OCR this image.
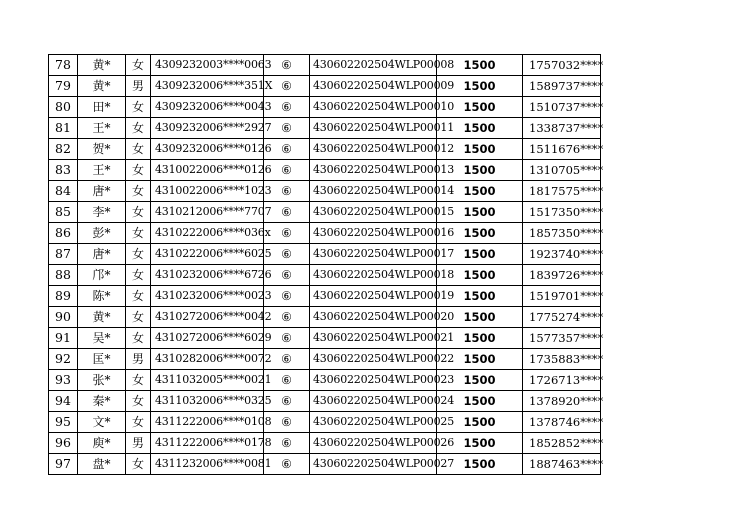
78	黄*	女	4309232003****0063	⑥	430602202504WLP00008	1500	1757032****
79	黄*	男	4309232006****351X	⑥	430602202504WLP00009	1500	1589737****
80	田*	女	4309232006****0043	⑥	430602202504WLP00010	1500	1510737****
81	王*	女	4309232006****2927	⑥	430602202504WLP00011	1500	1338737****
82	贺*	女	4309232006****0126	⑥	430602202504WLP00012	1500	1511676****
83	王*	女	4310022006****0126	⑥	430602202504WLP00013	1500	1310705****
84	唐*	女	4310022006****1023	⑥	430602202504WLP00014	1500	1817575****
85	李*	女	4310212006****7707	⑥	430602202504WLP00015	1500	1517350****
86	彭*	女	4310222006****036x	⑥	430602202504WLP00016	1500	1857350****
87	唐*	女	4310222006****6025	⑥	430602202504WLP00017	1500	1923740****
88	邝*	女	4310232006****6726	⑥	430602202504WLP00018	1500	1839726****
89	陈*	女	4310232006****0023	⑥	430602202504WLP00019	1500	1519701****
90	黄*	女	4310272006****0042	⑥	430602202504WLP00020	1500	1775274****
91	吴*	女	4310272006****6029	⑥	430602202504WLP00021	1500	1577357****
92	匡*	男	4310282006****0072	⑥	430602202504WLP00022	1500	1735883****
93	张*	女	4311032005****0021	⑥	430602202504WLP00023	1500	1726713****
94	秦*	女	4311032006****0325	⑥	430602202504WLP00024	1500	1378920****
95	文*	女	4311222006****0108	⑥	430602202504WLP00025	1500	1378746****
96	庾*	男	4311222006****0178	⑥	430602202504WLP00026	1500	1852852****
97	盘*	女	4311232006****0081	⑥	430602202504WLP00027	1500	1887463****
